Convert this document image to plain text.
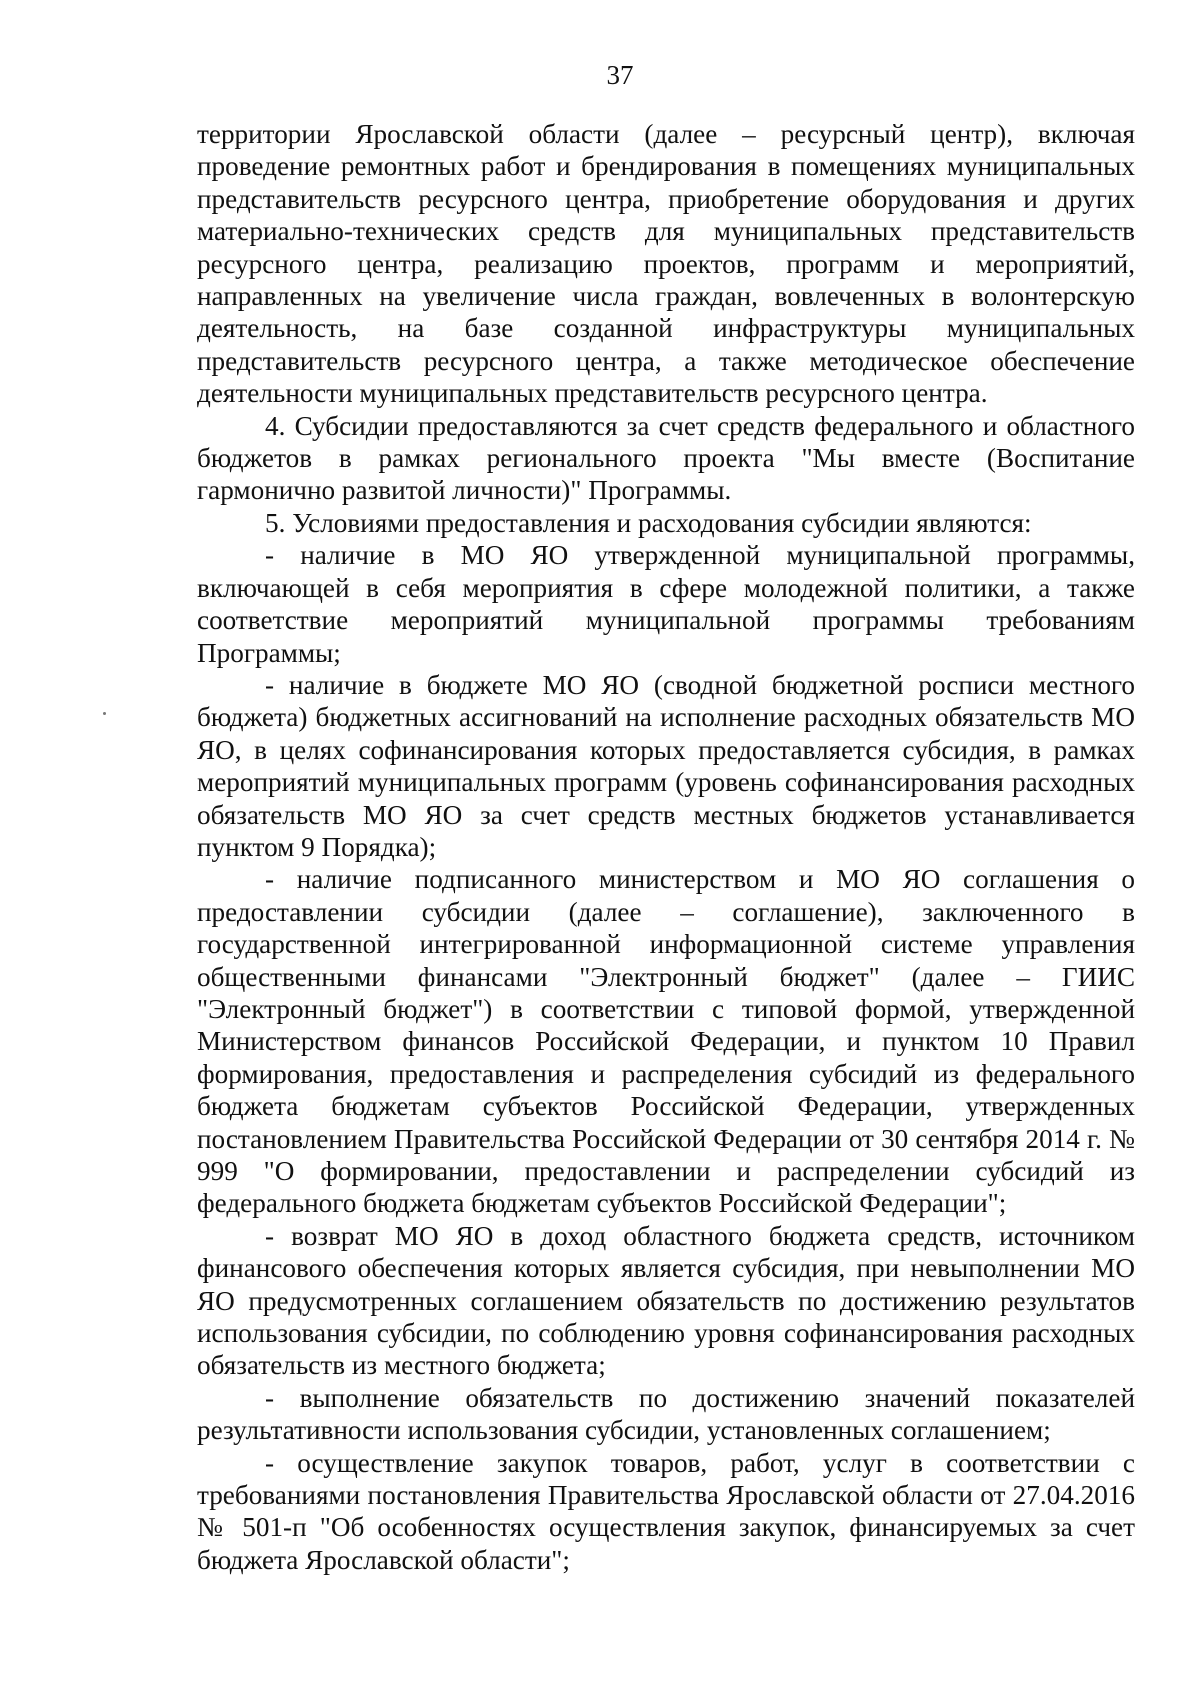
37

территории Ярославской области (далее – ресурсный центр), включая проведение ремонтных работ и брендирования в помещениях муниципальных представительств ресурсного центра, приобретение оборудования и других материально-технических средств для муниципальных представительств ресурсного центра, реализацию проектов, программ и мероприятий, направленных на увеличение числа граждан, вовлеченных в волонтерскую деятельность, на базе созданной инфраструктуры муниципальных представительств ресурсного центра, а также методическое обеспечение деятельности муниципальных представительств ресурсного центра.

4. Субсидии предоставляются за счет средств федерального и областного бюджетов в рамках регионального проекта "Мы вместе (Воспитание гармонично развитой личности)" Программы.

5. Условиями предоставления и расходования субсидии являются:

- наличие в МО ЯО утвержденной муниципальной программы, включающей в себя мероприятия в сфере молодежной политики, а также соответствие мероприятий муниципальной программы требованиям Программы;

- наличие в бюджете МО ЯО (сводной бюджетной росписи местного бюджета) бюджетных ассигнований на исполнение расходных обязательств МО ЯО, в целях софинансирования которых предоставляется субсидия, в рамках мероприятий муниципальных программ (уровень софинансирования расходных обязательств МО ЯО за счет средств местных бюджетов устанавливается пунктом 9 Порядка);

- наличие подписанного министерством и МО ЯО соглашения о предоставлении субсидии (далее – соглашение), заключенного в государственной интегрированной информационной системе управления общественными финансами "Электронный бюджет" (далее – ГИИС "Электронный бюджет") в соответствии с типовой формой, утвержденной Министерством финансов Российской Федерации, и пунктом 10 Правил формирования, предоставления и распределения субсидий из федерального бюджета бюджетам субъектов Российской Федерации, утвержденных постановлением Правительства Российской Федерации от 30 сентября 2014 г. № 999 "О формировании, предоставлении и распределении субсидий из федерального бюджета бюджетам субъектов Российской Федерации";

- возврат МО ЯО в доход областного бюджета средств, источником финансового обеспечения которых является субсидия, при невыполнении МО ЯО предусмотренных соглашением обязательств по достижению результатов использования субсидии, по соблюдению уровня софинансирования расходных обязательств из местного бюджета;

- выполнение обязательств по достижению значений показателей результативности использования субсидии, установленных соглашением;

- осуществление закупок товаров, работ, услуг в соответствии с требованиями постановления Правительства Ярославской области от 27.04.2016 № 501-п "Об особенностях осуществления закупок, финансируемых за счет бюджета Ярославской области";
